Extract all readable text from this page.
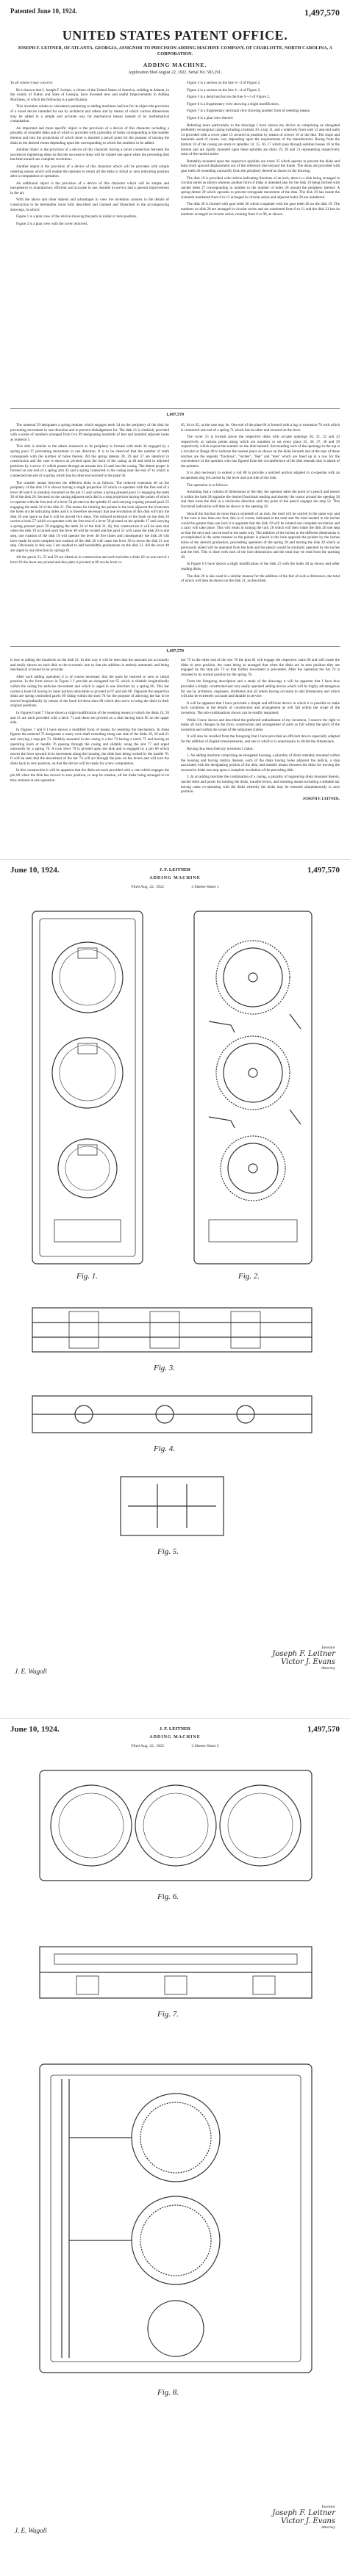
Patented June 10, 1924.	1,497,570
UNITED STATES PATENT OFFICE.
JOSEPH F. LEITNER, OF ATLANTA, GEORGIA, ASSIGNOR TO PRECISION ADDING MACHINE COMPANY, OF CHARLOTTE, NORTH CAROLINA, A CORPORATION.
ADDING MACHINE.
Application filed August 22, 1922. Serial No. 583,291.

To all whom it may concern:

Be it known that I, Joseph F. Leitner, a citizen of the United States of America, residing at Atlanta, in the county of Fulton and State of Georgia, have invented new and useful Improvements in Adding Machines, of which the following is a specification.

This invention relates to calculators pertaining to adding machines and has for its object the provision of a novel device intended for use by architects and others and by means of which various dimensions may be added in a simple and accurate way for mechanical means instead of by mathematical computation.

An important and more specific object is the provision of a device of this character including a plurality of rotatable disks and of which is provided with a plurality of holes corresponding to the number thereon and into the projections of which there is inserted a pencil point for the purpose of turning the disks to the desired extent depending upon the corresponding to which the numbers to be added.

Another object is the provision of a device of this character having a novel connection between the successive registering disks so that the successive disks will be rotated one space when the preceding disk has been turned one complete revolution.

Another object is the provision of a device of this character which will be provided with simple resetting means which will enable the operator to return all the disks to initial or zero indicating position after a computation or operation.

An additional object is the provision of a device of this character which will be simple and inexpensive to manufacture, efficient and accurate in use, durable in service and a general improvement in the art.

With the above and other objects and advantages in view the invention consists in the details of construction to be hereinafter more fully described and claimed and illustrated in the accompanying drawings, in which:

Figure 1 is a plan view of the device showing the parts in initial or zero position.

Figure 2 is a plan view with the cover removed,

Figure 3 is a section on the line 3—3 of Figure 2,

Figure 4 is a section on the line 4—4 of Figure 2,

Figure 5 is a detail section on the line 5—5 of Figure 2,

Figure 6 is a fragmentary view showing a slight modification,

Figure 7 is a fragmentary sectional view showing another form of resetting means,

Figure 8 is a plan view thereof.

Referring more particularly to the drawings I have shown my device as comprising an elongated preferably rectangular casing including a bottom 10, a top 11, and a relatively front wall 13 and end walls 14 provided with a cover plate 15 secured in position by means of screws 16 or the like. The slope and materials used of course vary depending upon the requirements of the manufacturer. Rising from the bottom 10 of the casing are studs or spindles 14, 15, 16, 17 which pass through suitable bosses 18 in the bottom and are rigidly mounted upon these spindles are disks 19, 20 and 21 representing respectively units of the ratchet series.

Rotatably mounted upon the respective spindles are rivets 25 which operate to prevent the disks and hubs from upward displacement out of the reference line beyond the frame. The disks are provided with gear teeth 26 extending outwardly from the periphery thereof as shown in the drawing.

The disk 19 is provided with indicia indicating fractions of an inch, there is a disk being arranged in circular series as shown whereas another form of disks is intended also for the disk 19 being formed with ratchet teeth 27 corresponding in number to the number of holes 28 around the periphery thereof. A spring detent 29 which operates to prevent retrograde movement of the disk. The disk 19 has inside the sixteenth numbered from 0 to 15 arranged in circular series and adjacent holes 28 are numbered.

The disk 20 is formed with gear teeth 30 which cooperate with the gear teeth 26 on the disk 19. The numbers on disk 20 are arranged in circular series and are numbered from 0 to 11 and the disk 21 has its numbers arranged in circular series, running from 0 to 99, as shown.

1,497,570

The numeral 59 designates a spring retainer which engages teeth 34 on the periphery of the disk for preventing movement in one direction and to prevent dislodgement for. The disk 21 is similarly provided with a series of numbers arranged from 0 to 99 designating hundreds of feet and hundred adjacent holes as numeral 5.

This disk is similar to the others inasmuch as its periphery is formed with teeth 34 engaged by a spring pawl 37 preventing movement in one direction. It is to be observed that the number of teeth corresponds with the number of holes therein. All the spring detents 28, 29 and 37 are identical in construction and the case is shown as pivoted upon the back of the casing at 40 and held in adjusted positions by a screw 41 which passes through an arcuate slot 42 and into the casing. The detent proper is formed on one end of a spring arm 43 and a spring connected to the casing near the end 47 to which is connected one end of a spring which has its other end secured to the plate 50.

The transfer means between the different disks is as follows: The reduced extension 46 on the periphery of the disk 19 is shown having a single projection 50 which co-operates with the free end of a lever 48 which is rotatably mounted on the pin 51 and carries a spring pressed pawl 51 engaging the teeth 30 of the disk 20. Secured on the casing adjacent each dial is a stop projection having the points of which co-operate with the free end of a lever 54 pivoted on the spindle 15 and carrying a spring pressed pawl 55 engaging the teeth 34 of the disk 21. The means for limiting the pointer in the hole adjacent the 0 between the holes on the indicating index and it is therefore necessary that one revolution of this disk will turn the disk 20 one space so that it will be moved five steps. The reduced extension of the hook on the disk 20 carries a hook 57 which co-operates with the free end of a lever 58 pivoted on the spindle 17 and carrying a spring pressed pawl 59 engaging the teeth 34 of the disk 21. By this construction it will be seen that when the disk 19 is turned once the lever 48 will be rocked and the pawl 51 will cause the disk 20 to one step, one rotation of the disk 19 will operate the lever 48 five times and consequently the disk 20 will have made its sixth complete one rotation of the disk 20 will cause the lever 58 to move the disk 21 one step. Obviously in this way I am enabled to add hundredths graduations on the disk 21. All the lever 48 are urged in one direction by springs 61.

All the pawls 51, 55 and 59 are identical in construction and each includes a disks 62 on one end of a lever 63 the lever are pivoted and this plate is pivoted at 80 on the lever or

65, 64 or 65, as the case may be. One end of the plate 80 is formed with a lug or extension 70 with which is connected one end of a spring 71 which has its other end secured on the lever.

The cover 15 is formed above the respective disks with arcuate openings 30, 31, 32 and 33 respectively at various points along which are numbers or set every place 35, 36, 37, 38 and 39 respectively which expose the number on the disk beneath. Surrounding each of the openings in the top is a circular or flange 40 to indicate the nearest place as shown on the disks beneath and at the tops of these notches are the legends "fractions", "inches", "feet" and "tens" which are lined up in a row for the convenience of the operator who has figured from the circumference of the disk beneath that is ahead of the pointers.

It is also necessary to extend a rod 80 to provide a notched portion adapted to co-operate with an escapement dog 84 carried by the lever and one side of the disk.

The operation is as follows:

Assuming that a column of dimensions or the like, the operator takes the point of a pencil and inserts it within the hole 28 opposite the desired fractional reading and thereby the cursor around the opening 30 and then turns the disk in a clockwise direction until the point of the pencil engages the stop 52. This fractional indication will then be shown in the opening 34.

Should the fraction be more than a sixteenth of an inch, the total will be carried in the same way and if the sum is less than one foot, this is of course indicated at the total and the total needed in the inches would be greater than one inch it is apparent that the disk 19 will be rotated one complete revolution and a carry will take place. This will result in turning the rack 28 which will then rotate the disk 20 one step so that the next unit can be read in the same way. The addition of the inches in the different dimensions is accomplished in the same manner as the pointer is placed in the hole opposite the pointer by the inches holes of the desired graduation, proceeding operation of the spring 28 and turning the disk 20 which as previously stated will be operated from the hole and the pencil would be similarly operated by the inches and the feet. This is done with each of the inch dimensions and the total may be read from the opening 30.

In Figure 6 I have shown a slight modification of the disk 21 with the holes 28 as shown and other reading disks.

The disk 20 is also used in a similar manner for the addition of the feet of such a dimension, the total of which will then be shown on the disk 21, as described.

1,497,570

is true in adding the hundreds on the disk 21. In this way it will be seen that the amounts are accurately and easily shown on each disk to the economic one so that the addition is entirely automatic and being mechanical is bound to be accurate.

After each adding operation it is of course necessary that the parts be restored to zero or initial position. In the form shown in Figure 1 I provide an elongated bar 65 which is slidable longitudinally within the casing for endwise movement and which is urged in one direction by a spring 66. This bar carries a hook 64 having its inner portion retractable or pivoted at 67 and slot 68. Opposite the respective disks are spring controlled pawls 69 riding within the slots 70 for the purpose of allowing the bar to be moved longitudinally by means of the knob 64 these slots 68 which also serve to bring the disks in their original positions.

In Figures 6 and 7 I have shown a slight modification of the resetting means in which the disks 19, 20 and 21 are each provided with a latch 71 and these are pivoted on a disk having latch 85 on the upper side.

In Figures 7 and 8 I have shown a modified form of means for resetting the mechanism. In these figures the numeral 72 designates a rotary rock shaft extending along one side of the disks 19, 20 and 21 and carrying a stop pin 73. Slidably mounted in the casing is a bar 74 having a notch 75 and having an operating knob or handle 76 passing through the casing and slidably along the slot 77 and urged outwardly by a spring 78. A rock lever 79 is pivoted upon the disk and is engaged by a pin 80 which moves the lever upward in its movement along the housing, the slide bars being rocked by the handle 76. It will be seen that the movement of the bar 74 will act through the pins on the levers and will turn the disks back to zero position, so that the device will be ready for a new computation.

In this construction it will be apparent that the disks are each provided with a cam which engages the pin 80 when the disk has moved to zero position, to stop its rotation, all the disks being arranged to be thus restored at one operation.

bar 75 to the other end of the slot 76 the pins 81 will engage the respective cams 80 and will rotate the disks to zero position, the cams being so arranged that when the disks are in zero position they are engaged by the stop pin 73 so that further movement is prevented. After the operation the bar 74 is returned to its normal position by the spring 78.

From the foregoing description and a study of the drawings it will be apparent that I have thus provided a simply constructed and very easily operated adding device which will be highly advantageous for use by architects, engineers, draftsmen and all others having occasion to add dimensions and which will also be extremely accurate and durable in service.

It will be apparent that I have provided a simple and efficient device in which it is possible to make such variations in the details of construction and arrangement as will fall within the scope of the invention. The sub-combinations shown can be readily separated.

While I have shown and described the preferred embodiment of my invention, I reserve the right to make all such changes in the form, construction and arrangement of parts as fall within the spirit of the invention and within the scope of the subjoined claims.

It will also be recalled from the foregoing that I have provided an efficient device especially adapted for the addition of English measurements, and one in which it is unnecessary to divide the dimensions.

Having thus described my invention I claim:

1. An adding machine comprising an elongated housing, a plurality of disks rotatably mounted within the housing and having indicia thereon, each of the disks having holes adjacent the indicia, a stop associated with the designating portion of the disk, and transfer means between the disks for moving the successive disks one step upon a complete revolution of the preceding disk.

2. In an adding machine the combination of a casing, a plurality of registering disks mounted therein, ratchet teeth and pawls for holding the disks, transfer levers, and resetting means including a slidable bar having cams co-operating with the disks whereby the disks may be returned simultaneously to zero position.

JOSEPH F. LEITNER.

June 10, 1924.	J. F. LEITNER	1,497,570
ADDING MACHINE
Filed Aug. 22, 1922	2 Sheets-Sheet 1
Fig. 1.	Fig. 2.
Fig. 3.
Fig. 4.
Fig. 5.
J. E. Wagoll
Inventor
Joseph F. Leitner
Victor J. Evans
Attorney
June 10, 1924.	J. F. LEITNER	1,497,570
ADDING MACHINE
Filed Aug. 22, 1922	2 Sheets-Sheet 2
Fig. 6.
Fig. 7.
Fig. 8.
J. E. Wagoll
Inventor
Joseph F. Leitner
Victor J. Evans
Attorney
